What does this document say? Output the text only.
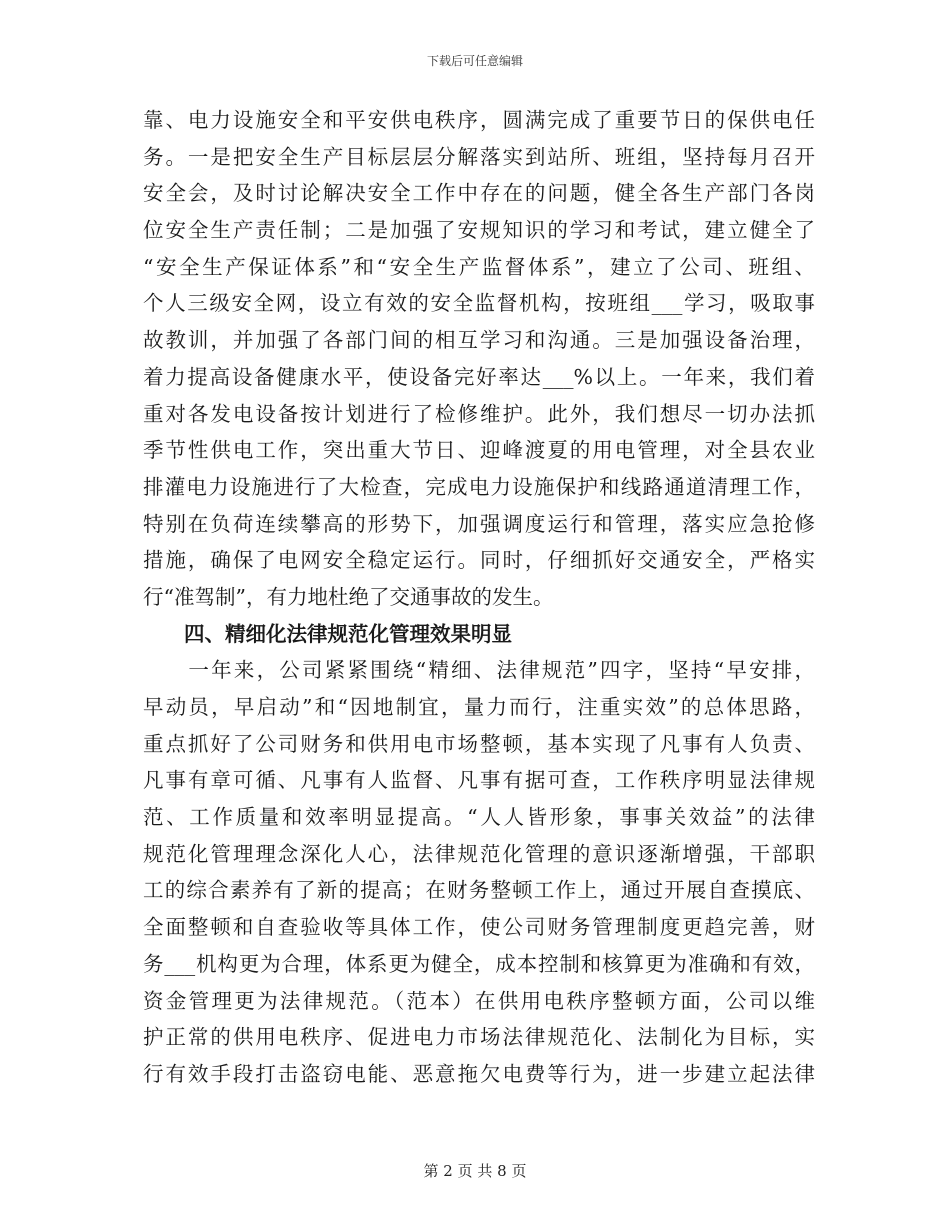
下载后可任意编辑
靠、电力设施安全和平安供电秩序，圆满完成了重要节日的保供电任
务。一是把安全生产目标层层分解落实到站所、班组，坚持每月召开
安全会，及时讨论解决安全工作中存在的问题，健全各生产部门各岗
位安全生产责任制；二是加强了安规知识的学习和考试，建立健全了
“安全生产保证体系”和“安全生产监督体系”，建立了公司、班组、
个人三级安全网，设立有效的安全监督机构，按班组___学习，吸取事
故教训，并加强了各部门间的相互学习和沟通。三是加强设备治理，
着力提高设备健康水平，使设备完好率达___%以上。一年来，我们着
重对各发电设备按计划进行了检修维护。此外，我们想尽一切办法抓
季节性供电工作，突出重大节日、迎峰渡夏的用电管理，对全县农业
排灌电力设施进行了大检查，完成电力设施保护和线路通道清理工作，
特别在负荷连续攀高的形势下，加强调度运行和管理，落实应急抢修
措施，确保了电网安全稳定运行。同时，仔细抓好交通安全，严格实
行“准驾制”，有力地杜绝了交通事故的发生。
　　四、精细化法律规范化管理效果明显
　　一年来，公司紧紧围绕“精细、法律规范”四字，坚持“早安排，
早动员，早启动”和“因地制宜，量力而行，注重实效”的总体思路，
重点抓好了公司财务和供用电市场整顿，基本实现了凡事有人负责、
凡事有章可循、凡事有人监督、凡事有据可查，工作秩序明显法律规
范、工作质量和效率明显提高。“人人皆形象，事事关效益”的法律
规范化管理理念深化人心，法律规范化管理的意识逐渐增强，干部职
工的综合素养有了新的提高；在财务整顿工作上，通过开展自查摸底、
全面整顿和自查验收等具体工作，使公司财务管理制度更趋完善，财
务___机构更为合理，体系更为健全，成本控制和核算更为准确和有效，
资金管理更为法律规范。（范本）在供用电秩序整顿方面，公司以维
护正常的供用电秩序、促进电力市场法律规范化、法制化为目标，实
行有效手段打击盗窃电能、恶意拖欠电费等行为，进一步建立起法律
第 2 页 共 8 页
